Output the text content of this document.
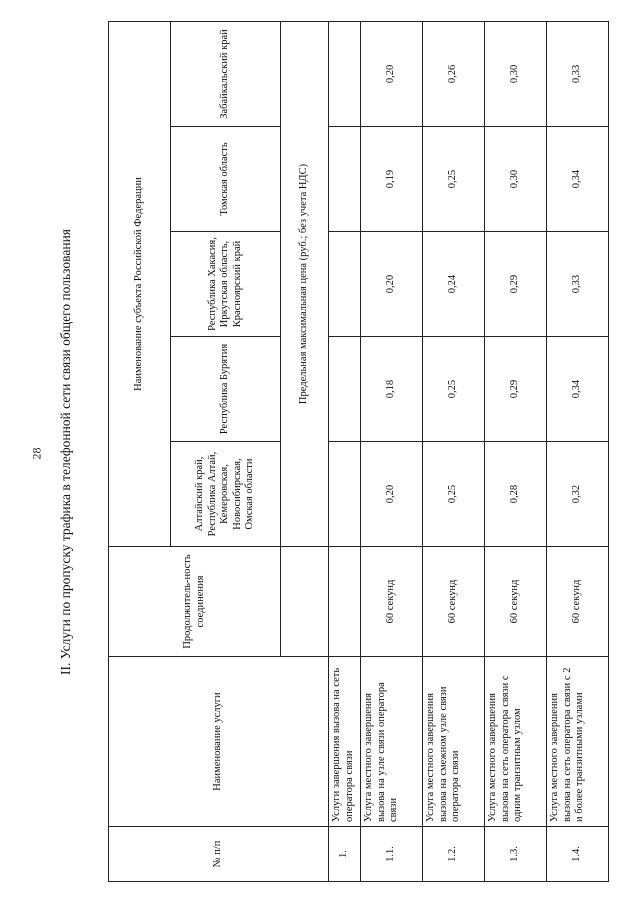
28 II. Услуги по пропуску трафика в телефонной сети связи общего пользования
№ п/п	Наименование услуги	Продолжитель-ность соединения	Наименование субъекта Российской Федерации				
			Алтайский край, Республика Алтай, Кемеровская, Новосибирская, Омская области	Республика Бурятия	Республика Хакасия, Иркутская область, Красноярский край	Томская область	Забайкальский край
			Предельная максимальная цена (руб.; без учета НДС)				
1.	Услуги завершения вызова на сеть оператора связи						
1.1.	Услуга местного завершения вызова на узле связи оператора связи	60 секунд	0,20	0,18	0,20	0,19	0,20
1.2.	Услуга местного завершения вызова на смежном узле связи оператора связи	60 секунд	0,25	0,25	0,24	0,25	0,26
1.3.	Услуга местного завершения вызова на сеть оператора связи с одним транзитным узлом	60 секунд	0,28	0,29	0,29	0,30	0,30
1.4.	Услуга местного завершения вызова на сеть оператора связи с 2 и более транзитными узлами	60 секунд	0,32	0,34	0,33	0,34	0,33
